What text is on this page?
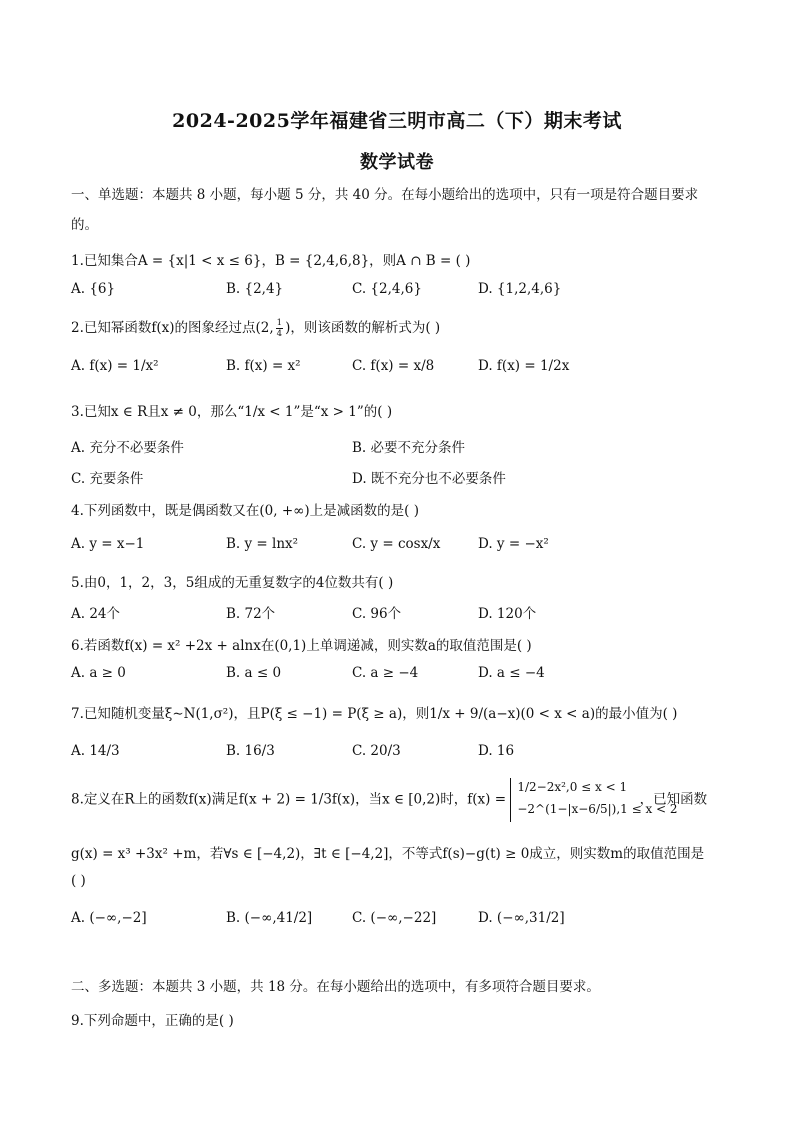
2024-2025学年福建省三明市高二（下）期末考试
数学试卷
一、单选题：本题共 8 小题，每小题 5 分，共 40 分。在每小题给出的选项中，只有一项是符合题目要求的。
1.已知集合A = {x|1 < x ≤ 6}，B = {2,4,6,8}，则A ∩ B = ( )
A. {6}	B. {2,4}	C. {2,4,6}	D. {1,2,4,6}
2.已知幂函数f(x)的图象经过点(2, $\frac{1}{4}$ )，则该函数的解析式为( )
A. f(x) = 1/x²	B. f(x) = x²	C. f(x) = x/8	D. f(x) = 1/2x
3.已知x ∈ R且x ≠ 0，那么“1/x < 1”是“x > 1”的( )
A. 充分不必要条件	B. 必要不充分条件
C. 充要条件	D. 既不充分也不必要条件
4.下列函数中，既是偶函数又在(0, +∞)上是减函数的是( )
A. y = x−1	B. y = lnx²	C. y = cosx/x	D. y = −x²
5.由0，1，2，3，5组成的无重复数字的4位数共有( )
A. 24个	B. 72个	C. 96个	D. 120个
6.若函数f(x) = x² +2x + alnx在(0,1)上单调递减，则实数a的取值范围是( )
A. a ≥ 0	B. a ≤ 0	C. a ≥ −4	D. a ≤ −4
7.已知随机变量ξ∼N(1,σ²)，且P(ξ ≤ −1) = P(ξ ≥ a)，则1/x + 9/(a−x)(0 < x < a)的最小值为( )
A. 14/3	B. 16/3	C. 20/3	D. 16
8.定义在R上的函数f(x)满足f(x + 2) = 1/3f(x)，当x ∈ [0,2)时，f(x) =
1/2−2x²,0 ≤ x < 1
−2^(1−|x−6/5|),1 ≤ x < 2
，已知函数
g(x) = x³ +3x² +m，若∀s ∈ [−4,2)，∃t ∈ [−4,2]，不等式f(s)−g(t) ≥ 0成立，则实数m的取值范围是
( )
A. (−∞,−2]	B. (−∞,41/2]	C. (−∞,−22]	D. (−∞,31/2]
二、多选题：本题共 3 小题，共 18 分。在每小题给出的选项中，有多项符合题目要求。
9.下列命题中，正确的是( )
